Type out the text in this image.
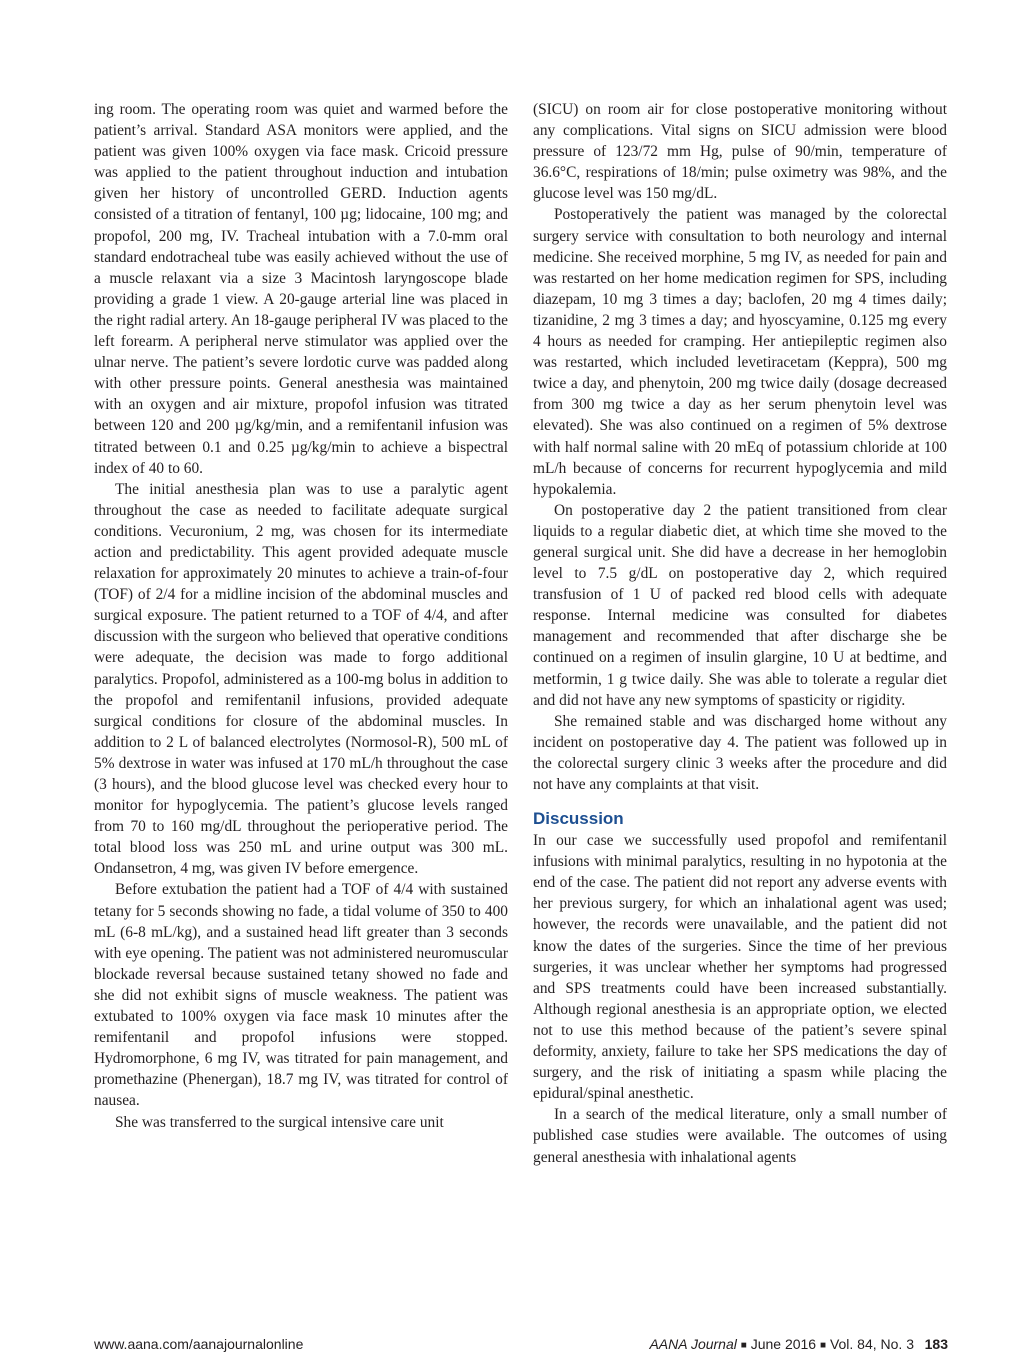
ing room. The operating room was quiet and warmed before the patient’s arrival. Standard ASA monitors were applied, and the patient was given 100% oxygen via face mask. Cricoid pressure was applied to the patient throughout induction and intubation given her history of uncontrolled GERD. Induction agents consisted of a titration of fentanyl, 100 µg; lidocaine, 100 mg; and propofol, 200 mg, IV. Tracheal intubation with a 7.0-mm oral standard endotracheal tube was easily achieved without the use of a muscle relaxant via a size 3 Macintosh laryngoscope blade providing a grade 1 view. A 20-gauge arterial line was placed in the right radial artery. An 18-gauge peripheral IV was placed to the left forearm. A peripheral nerve stimulator was applied over the ulnar nerve. The patient’s severe lordotic curve was padded along with other pressure points. General anesthesia was maintained with an oxygen and air mixture, propofol infusion was titrated between 120 and 200 µg/kg/min, and a remifentanil infusion was titrated between 0.1 and 0.25 µg/kg/min to achieve a bispectral index of 40 to 60.

The initial anesthesia plan was to use a paralytic agent throughout the case as needed to facilitate adequate surgical conditions. Vecuronium, 2 mg, was chosen for its intermediate action and predictability. This agent provided adequate muscle relaxation for approximately 20 minutes to achieve a train-of-four (TOF) of 2/4 for a midline incision of the abdominal muscles and surgical exposure. The patient returned to a TOF of 4/4, and after discussion with the surgeon who believed that operative conditions were adequate, the decision was made to forgo additional paralytics. Propofol, administered as a 100-mg bolus in addition to the propofol and remifentanil infusions, provided adequate surgical conditions for closure of the abdominal muscles. In addition to 2 L of balanced electrolytes (Normosol-R), 500 mL of 5% dextrose in water was infused at 170 mL/h throughout the case (3 hours), and the blood glucose level was checked every hour to monitor for hypoglycemia. The patient’s glucose levels ranged from 70 to 160 mg/dL throughout the perioperative period. The total blood loss was 250 mL and urine output was 300 mL. Ondansetron, 4 mg, was given IV before emergence.

Before extubation the patient had a TOF of 4/4 with sustained tetany for 5 seconds showing no fade, a tidal volume of 350 to 400 mL (6-8 mL/kg), and a sustained head lift greater than 3 seconds with eye opening. The patient was not administered neuromuscular blockade reversal because sustained tetany showed no fade and she did not exhibit signs of muscle weakness. The patient was extubated to 100% oxygen via face mask 10 minutes after the remifentanil and propofol infusions were stopped. Hydromorphone, 6 mg IV, was titrated for pain management, and promethazine (Phenergan), 18.7 mg IV, was titrated for control of nausea.

She was transferred to the surgical intensive care unit

(SICU) on room air for close postoperative monitoring without any complications. Vital signs on SICU admission were blood pressure of 123/72 mm Hg, pulse of 90/min, temperature of 36.6°C, respirations of 18/min; pulse oximetry was 98%, and the glucose level was 150 mg/dL.

Postoperatively the patient was managed by the colorectal surgery service with consultation to both neurology and internal medicine. She received morphine, 5 mg IV, as needed for pain and was restarted on her home medication regimen for SPS, including diazepam, 10 mg 3 times a day; baclofen, 20 mg 4 times daily; tizanidine, 2 mg 3 times a day; and hyoscyamine, 0.125 mg every 4 hours as needed for cramping. Her antiepileptic regimen also was restarted, which included levetiracetam (Keppra), 500 mg twice a day, and phenytoin, 200 mg twice daily (dosage decreased from 300 mg twice a day as her serum phenytoin level was elevated). She was also continued on a regimen of 5% dextrose with half normal saline with 20 mEq of potassium chloride at 100 mL/h because of concerns for recurrent hypoglycemia and mild hypokalemia.

On postoperative day 2 the patient transitioned from clear liquids to a regular diabetic diet, at which time she moved to the general surgical unit. She did have a decrease in her hemoglobin level to 7.5 g/dL on postoperative day 2, which required transfusion of 1 U of packed red blood cells with adequate response. Internal medicine was consulted for diabetes management and recommended that after discharge she be continued on a regimen of insulin glargine, 10 U at bedtime, and metformin, 1 g twice daily. She was able to tolerate a regular diet and did not have any new symptoms of spasticity or rigidity.

She remained stable and was discharged home without any incident on postoperative day 4. The patient was followed up in the colorectal surgery clinic 3 weeks after the procedure and did not have any complaints at that visit.

Discussion

In our case we successfully used propofol and remifentanil infusions with minimal paralytics, resulting in no hypotonia at the end of the case. The patient did not report any adverse events with her previous surgery, for which an inhalational agent was used; however, the records were unavailable, and the patient did not know the dates of the surgeries. Since the time of her previous surgeries, it was unclear whether her symptoms had progressed and SPS treatments could have been increased substantially. Although regional anesthesia is an appropriate option, we elected not to use this method because of the patient’s severe spinal deformity, anxiety, failure to take her SPS medications the day of surgery, and the risk of initiating a spasm while placing the epidural/spinal anesthetic.

In a search of the medical literature, only a small number of published case studies were available. The outcomes of using general anesthesia with inhalational agents

www.aana.com/aanajournalonline	AANA Journal ■ June 2016 ■ Vol. 84, No. 3 183
